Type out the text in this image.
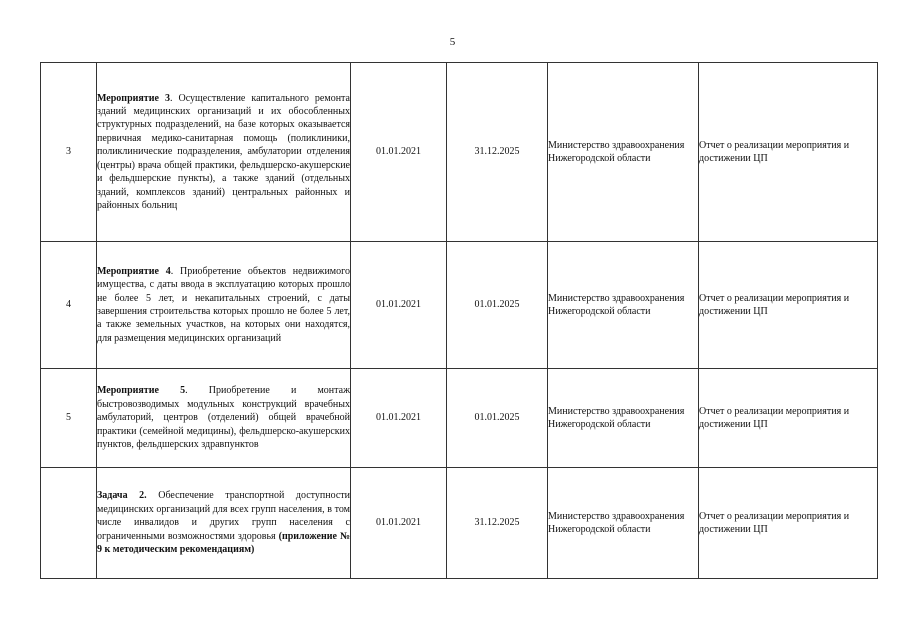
5
3	Мероприятие 3. Осуществление капитального ремонта зданий медицинских организаций и их обособленных структурных подразделений, на базе которых оказывается первичная медико-санитарная помощь (поликлиники, поликлинические подразделения, амбулатории отделения (центры) врача общей практики, фельдшерско-акушерские и фельдшерские пункты), а также зданий (отдельных зданий, комплексов зданий) центральных районных и районных больниц	01.01.2021	31.12.2025	Министерство здравоохранения Нижегородской области	Отчет о реализации мероприятия и достижении ЦП
4	Мероприятие 4. Приобретение объектов недвижимого имущества, с даты ввода в эксплуатацию которых прошло не более 5 лет, и некапитальных строений, с даты завершения строительства которых прошло не более 5 лет, а также земельных участков, на которых они находятся, для размещения медицинских организаций	01.01.2021	01.01.2025	Министерство здравоохранения Нижегородской области	Отчет о реализации мероприятия и достижении ЦП
5	Мероприятие 5. Приобретение и монтаж быстровозводимых модульных конструкций врачебных амбулаторий, центров (отделений) общей врачебной практики (семейной медицины), фельдшерско-акушерских пунктов, фельдшерских здравпунктов	01.01.2021	01.01.2025	Министерство здравоохранения Нижегородской области	Отчет о реализации мероприятия и достижении ЦП
	Задача 2. Обеспечение транспортной доступности медицинских организаций для всех групп населения, в том числе инвалидов и других групп населения с ограниченными возможностями здоровья (приложение № 9 к методическим рекомендациям)	01.01.2021	31.12.2025	Министерство здравоохранения Нижегородской области	Отчет о реализации мероприятия и достижении ЦП
